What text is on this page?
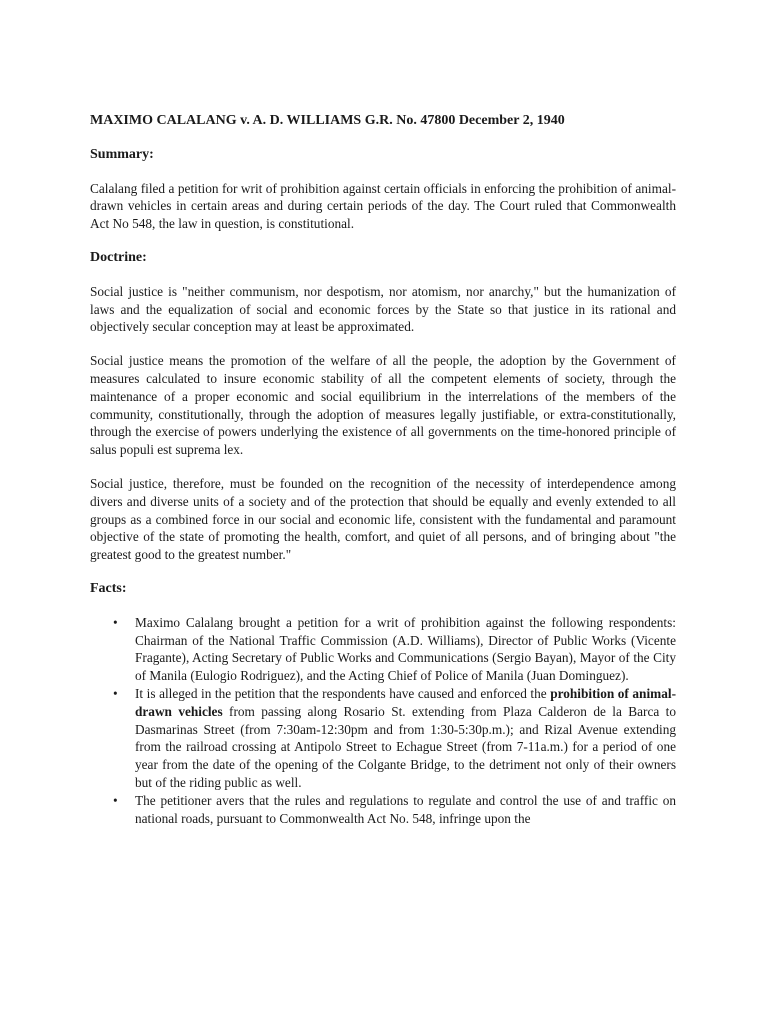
MAXIMO CALALANG v. A. D. WILLIAMS G.R. No. 47800 December 2, 1940
Summary:

Calalang filed a petition for writ of prohibition against certain officials in enforcing the prohibition of animal-drawn vehicles in certain areas and during certain periods of the day. The Court ruled that Commonwealth Act No 548, the law in question, is constitutional.

Doctrine:

Social justice is "neither communism, nor despotism, nor atomism, nor anarchy," but the humanization of laws and the equalization of social and economic forces by the State so that justice in its rational and objectively secular conception may at least be approximated.

Social justice means the promotion of the welfare of all the people, the adoption by the Government of measures calculated to insure economic stability of all the competent elements of society, through the maintenance of a proper economic and social equilibrium in the interrelations of the members of the community, constitutionally, through the adoption of measures legally justifiable, or extra-constitutionally, through the exercise of powers underlying the existence of all governments on the time-honored principle of salus populi est suprema lex.

Social justice, therefore, must be founded on the recognition of the necessity of interdependence among divers and diverse units of a society and of the protection that should be equally and evenly extended to all groups as a combined force in our social and economic life, consistent with the fundamental and paramount objective of the state of promoting the health, comfort, and quiet of all persons, and of bringing about "the greatest good to the greatest number."

Facts:
• Maximo Calalang brought a petition for a writ of prohibition against the following respondents: Chairman of the National Traffic Commission (A.D. Williams), Director of Public Works (Vicente Fragante), Acting Secretary of Public Works and Communications (Sergio Bayan), Mayor of the City of Manila (Eulogio Rodriguez), and the Acting Chief of Police of Manila (Juan Dominguez).
• It is alleged in the petition that the respondents have caused and enforced the prohibition of animal-drawn vehicles from passing along Rosario St. extending from Plaza Calderon de la Barca to Dasmarinas Street (from 7:30am-12:30pm and from 1:30-5:30p.m.); and Rizal Avenue extending from the railroad crossing at Antipolo Street to Echague Street (from 7-11a.m.) for a period of one year from the date of the opening of the Colgante Bridge, to the detriment not only of their owners but of the riding public as well.
• The petitioner avers that the rules and regulations to regulate and control the use of and traffic on national roads, pursuant to Commonwealth Act No. 548, infringe upon the
